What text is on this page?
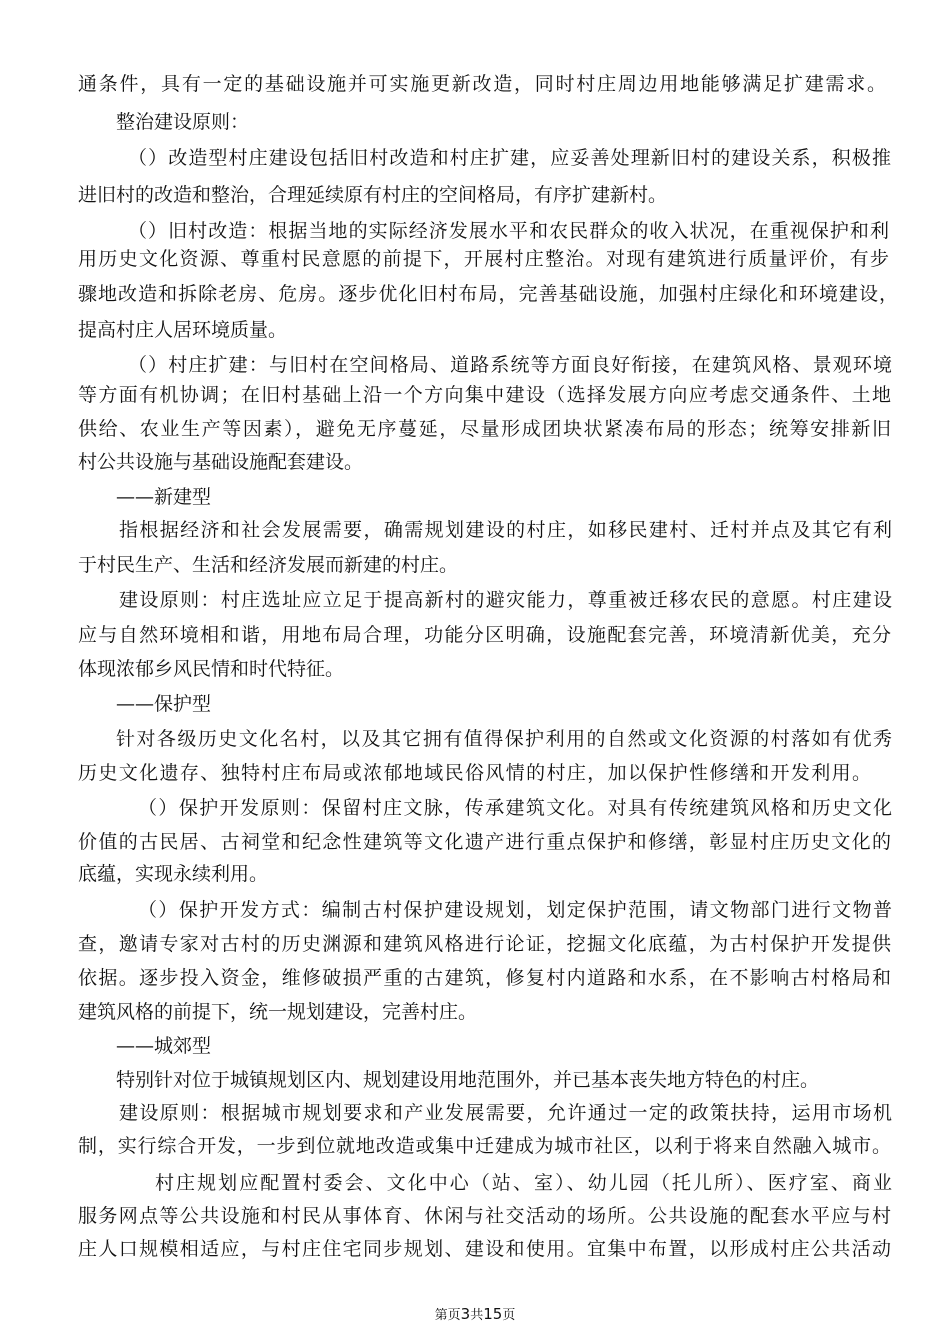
通条件，具有一定的基础设施并可实施更新改造，同时村庄周边用地能够满足扩建需求。
整治建设原则：
（）改造型村庄建设包括旧村改造和村庄扩建，应妥善处理新旧村的建设关系，积极推
进旧村的改造和整治，合理延续原有村庄的空间格局，有序扩建新村。
（）旧村改造：根据当地的实际经济发展水平和农民群众的收入状况，在重视保护和利
用历史文化资源、尊重村民意愿的前提下，开展村庄整治。对现有建筑进行质量评价，有步
骤地改造和拆除老房、危房。逐步优化旧村布局，完善基础设施，加强村庄绿化和环境建设，
提高村庄人居环境质量。
（）村庄扩建：与旧村在空间格局、道路系统等方面良好衔接，在建筑风格、景观环境
等方面有机协调；在旧村基础上沿一个方向集中建设（选择发展方向应考虑交通条件、土地
供给、农业生产等因素），避免无序蔓延，尽量形成团块状紧凑布局的形态；统筹安排新旧
村公共设施与基础设施配套建设。
——新建型
指根据经济和社会发展需要，确需规划建设的村庄，如移民建村、迁村并点及其它有利
于村民生产、生活和经济发展而新建的村庄。
建设原则：村庄选址应立足于提高新村的避灾能力，尊重被迁移农民的意愿。村庄建设
应与自然环境相和谐，用地布局合理，功能分区明确，设施配套完善，环境清新优美，充分
体现浓郁乡风民情和时代特征。
——保护型
针对各级历史文化名村，以及其它拥有值得保护利用的自然或文化资源的村落如有优秀
历史文化遗存、独特村庄布局或浓郁地域民俗风情的村庄，加以保护性修缮和开发利用。
（）保护开发原则：保留村庄文脉，传承建筑文化。对具有传统建筑风格和历史文化
价值的古民居、古祠堂和纪念性建筑等文化遗产进行重点保护和修缮，彰显村庄历史文化的
底蕴，实现永续利用。
（）保护开发方式：编制古村保护建设规划，划定保护范围，请文物部门进行文物普
查，邀请专家对古村的历史渊源和建筑风格进行论证，挖掘文化底蕴，为古村保护开发提供
依据。逐步投入资金，维修破损严重的古建筑，修复村内道路和水系，在不影响古村格局和
建筑风格的前提下，统一规划建设，完善村庄。
——城郊型
特别针对位于城镇规划区内、规划建设用地范围外，并已基本丧失地方特色的村庄。
建设原则：根据城市规划要求和产业发展需要，允许通过一定的政策扶持，运用市场机
制，实行综合开发，一步到位就地改造或集中迁建成为城市社区，以利于将来自然融入城市。
村庄规划应配置村委会、文化中心（站、室）、幼儿园（托儿所）、医疗室、商业
服务网点等公共设施和村民从事体育、休闲与社交活动的场所。公共设施的配套水平应与村
庄人口规模相适应，与村庄住宅同步规划、建设和使用。宜集中布置，以形成村庄公共活动
第页3共15页
